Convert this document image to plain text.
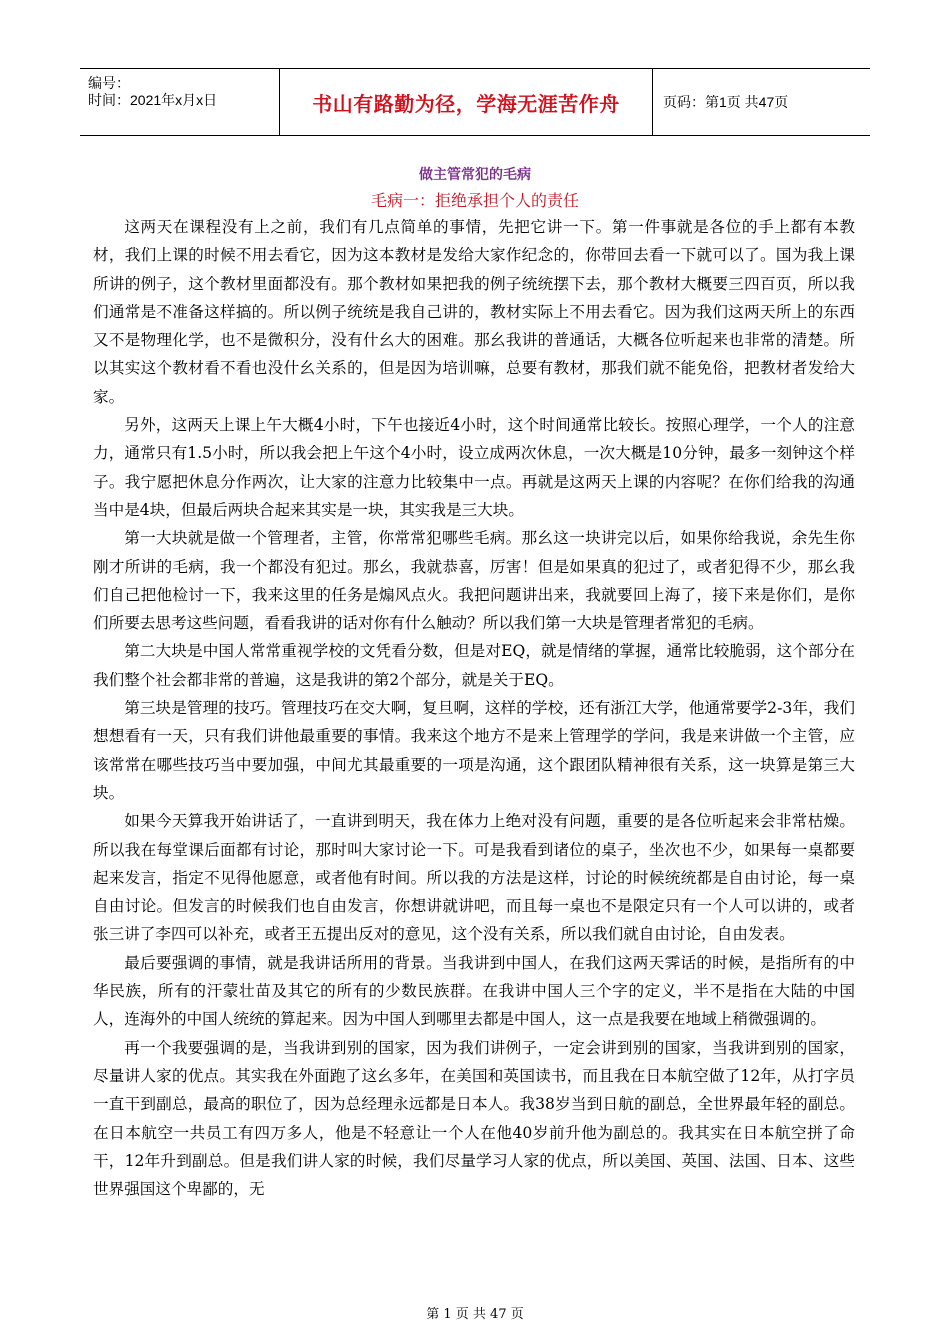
编号：
时间：2021年x月x日	书山有路勤为径，学海无涯苦作舟	页码：第1页 共47页
做主管常犯的毛病
毛病一：拒绝承担个人的责任

这两天在课程没有上之前，我们有几点简单的事情，先把它讲一下。第一件事就是各位的手上都有本教材，我们上课的时候不用去看它，因为这本教材是发给大家作纪念的，你带回去看一下就可以了。国为我上课所讲的例子，这个教材里面都没有。那个教材如果把我的例子统统摆下去，那个教材大概要三四百页，所以我们通常是不准备这样搞的。所以例子统统是我自己讲的，教材实际上不用去看它。因为我们这两天所上的东西又不是物理化学，也不是微积分，没有什幺大的困难。那幺我讲的普通话，大概各位听起来也非常的清楚。所以其实这个教材看不看也没什幺关系的，但是因为培训嘛，总要有教材，那我们就不能免俗，把教材者发给大家。

另外，这两天上课上午大概4小时，下午也接近4小时，这个时间通常比较长。按照心理学，一个人的注意力，通常只有1.5小时，所以我会把上午这个4小时，设立成两次休息，一次大概是10分钟，最多一刻钟这个样子。我宁愿把休息分作两次，让大家的注意力比较集中一点。再就是这两天上课的内容呢？在你们给我的沟通当中是4块，但最后两块合起来其实是一块，其实我是三大块。

第一大块就是做一个管理者，主管，你常常犯哪些毛病。那幺这一块讲完以后，如果你给我说，余先生你刚才所讲的毛病，我一个都没有犯过。那幺，我就恭喜，厉害！但是如果真的犯过了，或者犯得不少，那幺我们自己把他检讨一下，我来这里的任务是煽风点火。我把问题讲出来，我就要回上海了，接下来是你们，是你们所要去思考这些问题，看看我讲的话对你有什么触动？所以我们第一大块是管理者常犯的毛病。

第二大块是中国人常常重视学校的文凭看分数，但是对EQ，就是情绪的掌握，通常比较脆弱，这个部分在我们整个社会都非常的普遍，这是我讲的第2个部分，就是关于EQ。

第三块是管理的技巧。管理技巧在交大啊，复旦啊，这样的学校，还有浙江大学，他通常要学2-3年，我们想想看有一天，只有我们讲他最重要的事情。我来这个地方不是来上管理学的学问，我是来讲做一个主管，应该常常在哪些技巧当中要加强，中间尤其最重要的一项是沟通，这个跟团队精神很有关系，这一块算是第三大块。

如果今天算我开始讲话了，一直讲到明天，我在体力上绝对没有问题，重要的是各位听起来会非常枯燥。所以我在每堂课后面都有讨论，那时叫大家讨论一下。可是我看到诸位的桌子，坐次也不少，如果每一桌都要起来发言，指定不见得他愿意，或者他有时间。所以我的方法是这样，讨论的时候统统都是自由讨论，每一桌自由讨论。但发言的时候我们也自由发言，你想讲就讲吧，而且每一桌也不是限定只有一个人可以讲的，或者张三讲了李四可以补充，或者王五提出反对的意见，这个没有关系，所以我们就自由讨论，自由发表。

最后要强调的事情，就是我讲话所用的背景。当我讲到中国人，在我们这两天霁话的时候，是指所有的中华民族，所有的汗蒙壮苗及其它的所有的少数民族群。在我讲中国人三个字的定义，半不是指在大陆的中国人，连海外的中国人统统的算起来。因为中国人到哪里去都是中国人，这一点是我要在地域上稍微强调的。

再一个我要强调的是，当我讲到别的国家，因为我们讲例子，一定会讲到别的国家，当我讲到别的国家，尽量讲人家的优点。其实我在外面跑了这幺多年，在美国和英国读书，而且我在日本航空做了12年，从打字员一直干到副总，最高的职位了，因为总经理永远都是日本人。我38岁当到日航的副总，全世界最年轻的副总。在日本航空一共员工有四万多人，他是不轻意让一个人在他40岁前升他为副总的。我其实在日本航空拼了命干，12年升到副总。但是我们讲人家的时候，我们尽量学习人家的优点，所以美国、英国、法国、日本、这些世界强国这个卑鄙的，无

第 1 页 共 47 页
